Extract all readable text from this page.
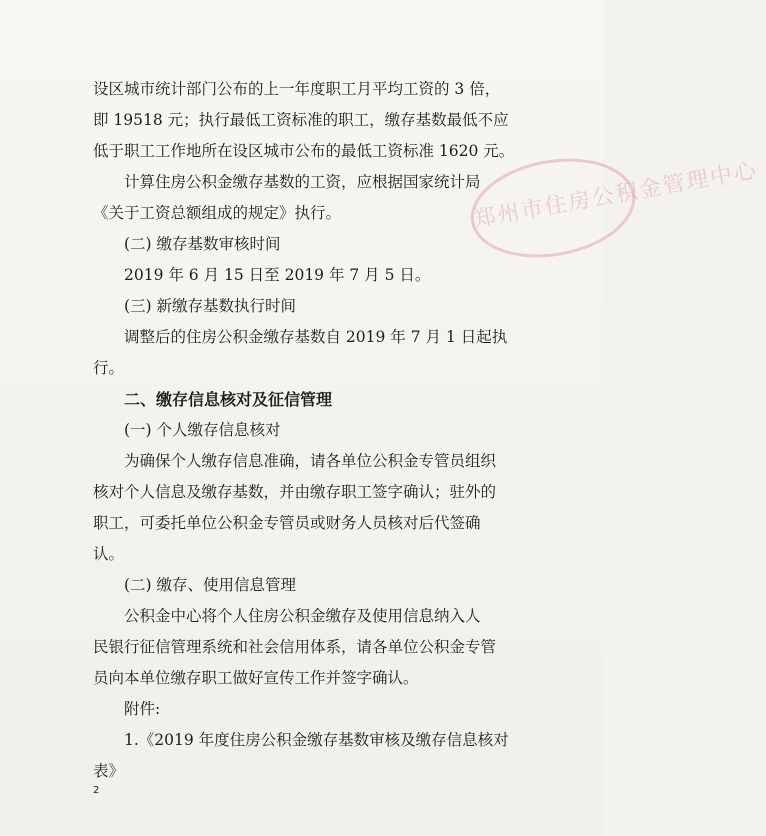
郑州市住房公积金管理中心
设区城市统计部门公布的上一年度职工月平均工资的 3 倍，
即 19518 元；执行最低工资标准的职工，缴存基数最低不应
低于职工工作地所在设区城市公布的最低工资标准 1620 元。
计算住房公积金缴存基数的工资，应根据国家统计局
《关于工资总额组成的规定》执行。
(二) 缴存基数审核时间
2019 年 6 月 15 日至 2019 年 7 月 5 日。
(三) 新缴存基数执行时间
调整后的住房公积金缴存基数自 2019 年 7 月 1 日起执
行。
二、缴存信息核对及征信管理
(一) 个人缴存信息核对
为确保个人缴存信息准确，请各单位公积金专管员组织
核对个人信息及缴存基数，并由缴存职工签字确认；驻外的
职工，可委托单位公积金专管员或财务人员核对后代签确
认。
(二) 缴存、使用信息管理
公积金中心将个人住房公积金缴存及使用信息纳入人
民银行征信管理系统和社会信用体系，请各单位公积金专管
员向本单位缴存职工做好宣传工作并签字确认。
附件:
1.《2019 年度住房公积金缴存基数审核及缴存信息核对
表》
2
